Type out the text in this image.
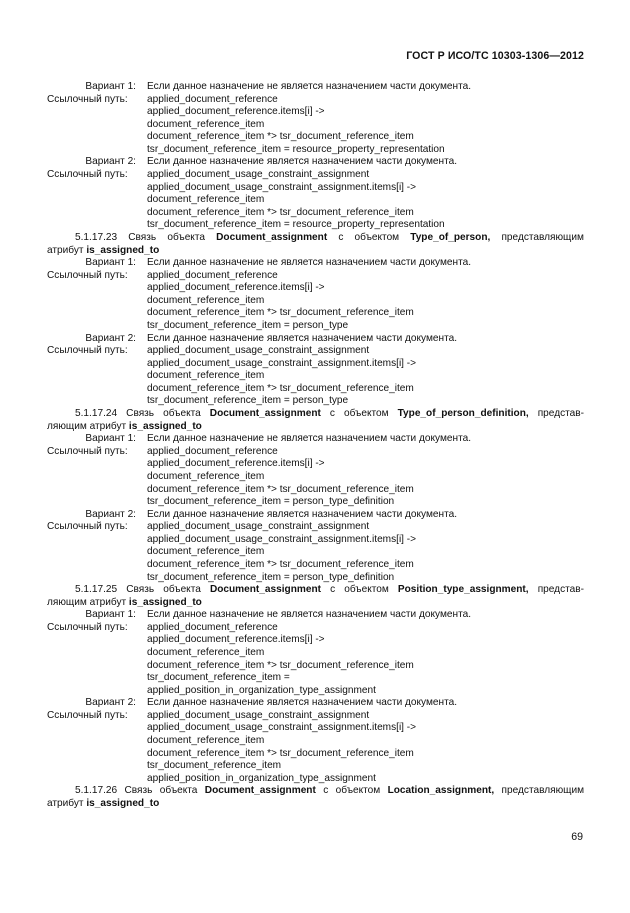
ГОСТ Р ИСО/ТС 10303-1306—2012
Вариант 1:	Если данное назначение не является назначением части документа.
Ссылочный путь:	applied_document_reference
applied_document_reference.items[i] ->
document_reference_item
document_reference_item *> tsr_document_reference_item
tsr_document_reference_item = resource_property_representation
Вариант 2:	Если данное назначение является назначением части документа.
Ссылочный путь:	applied_document_usage_constraint_assignment
applied_document_usage_constraint_assignment.items[i] ->
document_reference_item
document_reference_item *> tsr_document_reference_item
tsr_document_reference_item = resource_property_representation
5.1.17.23 Связь объекта Document_assignment с объектом Type_of_person, представляющим
атрибут is_assigned_to
Вариант 1:	Если данное назначение не является назначением части документа.
Ссылочный путь:	applied_document_reference
applied_document_reference.items[i] ->
document_reference_item
document_reference_item *> tsr_document_reference_item
tsr_document_reference_item = person_type
Вариант 2:	Если данное назначение является назначением части документа.
Ссылочный путь:	applied_document_usage_constraint_assignment
applied_document_usage_constraint_assignment.items[i] ->
document_reference_item
document_reference_item *> tsr_document_reference_item
tsr_document_reference_item = person_type
5.1.17.24 Связь объекта Document_assignment с объектом Type_of_person_definition, представ-
ляющим атрибут is_assigned_to
Вариант 1:	Если данное назначение не является назначением части документа.
Ссылочный путь:	applied_document_reference
applied_document_reference.items[i] ->
document_reference_item
document_reference_item *> tsr_document_reference_item
tsr_document_reference_item = person_type_definition
Вариант 2:	Если данное назначение является назначением части документа.
Ссылочный путь:	applied_document_usage_constraint_assignment
applied_document_usage_constraint_assignment.items[i] ->
document_reference_item
document_reference_item *> tsr_document_reference_item
tsr_document_reference_item = person_type_definition
5.1.17.25 Связь объекта Document_assignment с объектом Position_type_assignment, представ-
ляющим атрибут is_assigned_to
Вариант 1:	Если данное назначение не является назначением части документа.
Ссылочный путь:	applied_document_reference
applied_document_reference.items[i] ->
document_reference_item
document_reference_item *> tsr_document_reference_item
tsr_document_reference_item =
applied_position_in_organization_type_assignment
Вариант 2:	Если данное назначение является назначением части документа.
Ссылочный путь:	applied_document_usage_constraint_assignment
applied_document_usage_constraint_assignment.items[i] ->
document_reference_item
document_reference_item *> tsr_document_reference_item
tsr_document_reference_item
applied_position_in_organization_type_assignment
5.1.17.26 Связь объекта Document_assignment с объектом Location_assignment, представляющим
атрибут is_assigned_to
69
